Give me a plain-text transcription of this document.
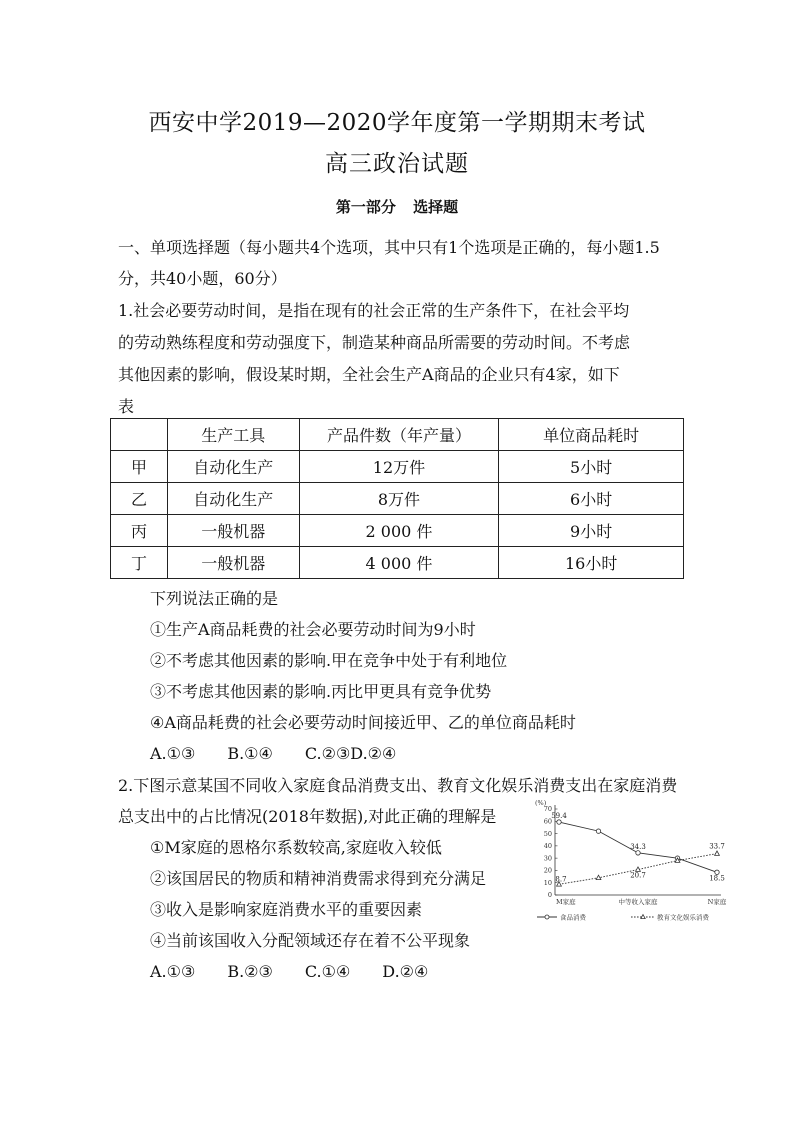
西安中学2019—2020学年度第一学期期末考试
高三政治试题
第一部分 选择题
一、单项选择题（每小题共4个选项，其中只有1个选项是正确的，每小题1.5
分，共40小题，60分）
1.社会必要劳动时间，是指在现有的社会正常的生产条件下，在社会平均
的劳动熟练程度和劳动强度下，制造某种商品所需要的劳动时间。不考虑
其他因素的影响，假设某时期，全社会生产A商品的企业只有4家，如下
表
	生产工具	产品件数（年产量）	单位商品耗时
甲	自动化生产	12万件	5小时
乙	自动化生产	8万件	6小时
丙	一般机器	2 000 件	9小时
丁	一般机器	4 000 件	16小时
下列说法正确的是
①生产A商品耗费的社会必要劳动时间为9小时
②不考虑其他因素的影响.甲在竞争中处于有利地位
③不考虑其他因素的影响.丙比甲更具有竞争优势
④A商品耗费的社会必要劳动时间接近甲、乙的单位商品耗时
A.①③　　B.①④　　C.②③D.②④
2.下图示意某国不同收入家庭食品消费支出、教育文化娱乐消费支出在家庭消费
总支出中的占比情况(2018年数据),对此正确的理解是
①M家庭的恩格尔系数较高,家庭收入较低
②该国居民的物质和精神消费需求得到充分满足
③收入是影响家庭消费水平的重要因素
④当前该国收入分配领域还存在着不公平现象
A.①③　　B.②③　　C.①④　　D.②④
(%)
0
10
20
30
40
50
60
70
M家庭	中等收入家庭	N家庭
59.4
34.3
18.5
8.7	20.7
33.7
食品消费	教育文化娱乐消费
